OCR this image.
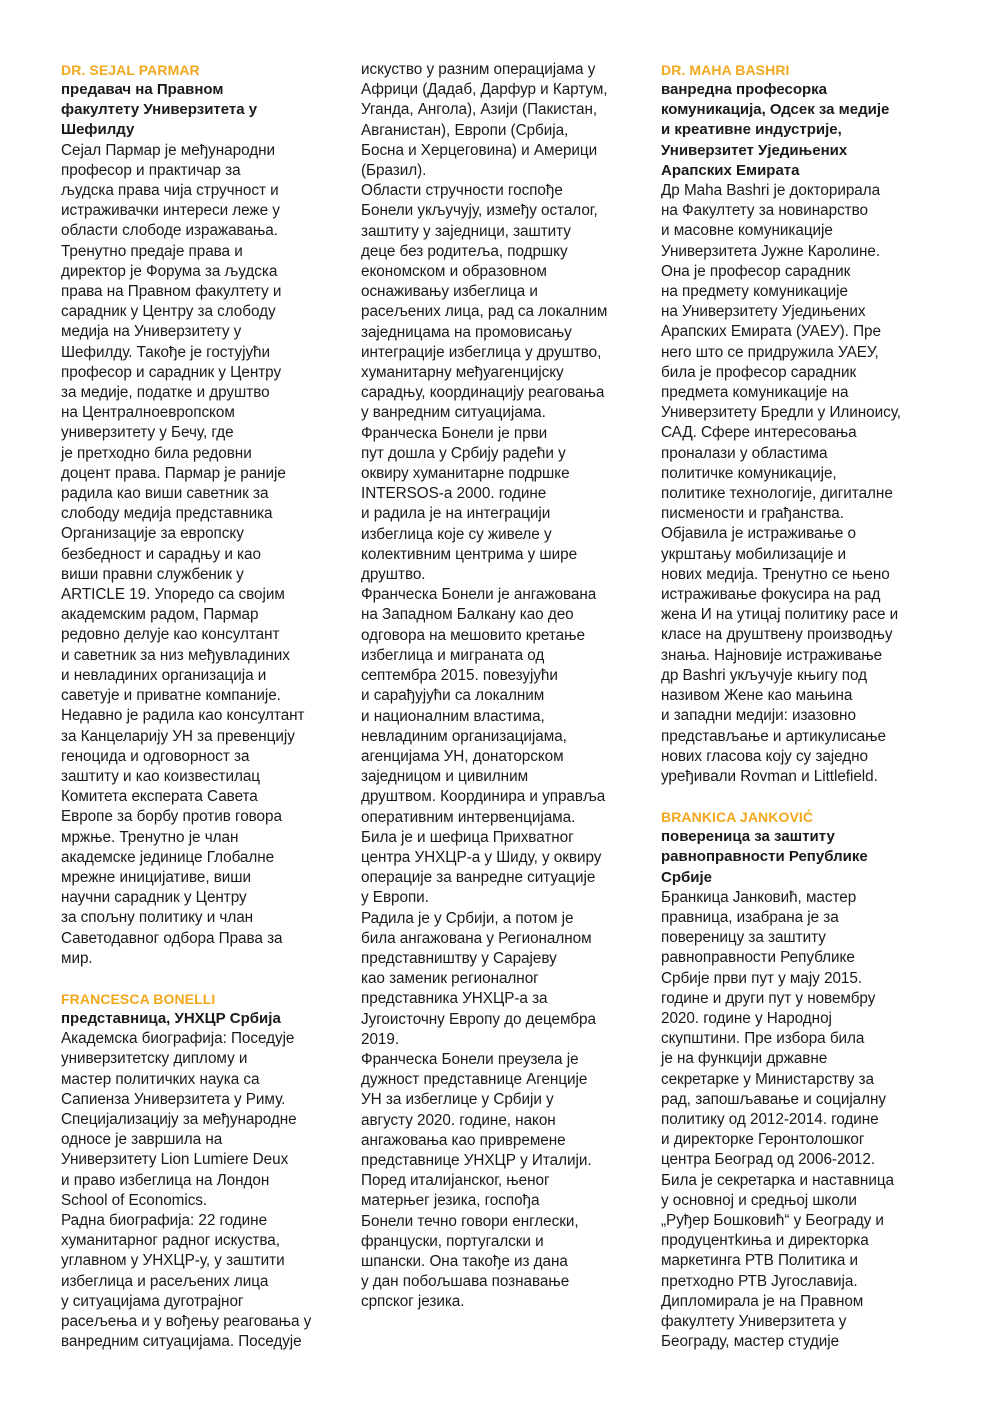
DR. SEJAL PARMAR
предавач на Правном
факултету Универзитета у
Шефилду

Сејал Пармар је међународни
професор и практичар за
људска права чија стручност и
истраживачки интереси леже у
области слободе изражавања.
Тренутно предаје права и
директор је Форума за људска
права на Правном факултету и
сарадник у Центру за слободу
медија на Универзитету у
Шефилду. Такође је гостујући
професор и сарадник у Центру
за медије, податке и друштво
на Централноевропском
универзитету у Бечу, где
је претходно била редовни
доцент права. Пармар је раније
радила као виши саветник за
слободу медија представника
Организације за европску
безбедност и сарадњу и као
виши правни службеник у
ARTICLE 19. Упоредо са својим
академским радом, Пармар
редовно делује као консултант
и саветник за низ међувладиних
и невладиних организација и
саветује и приватне компаније.
Недавно је радила као консултант
за Канцеларију УН за превенцију
геноцида и одговорност за
заштиту и као коизвестилац
Комитета експерата Савета
Европе за борбу против говора
мржње. Тренутно је члан
академске јединице Глобалне
мрежне иницијативе, виши
научни сарадник у Центру
за спољну политику и члан
Саветодавног одбора Права за
мир.

FRANCESCA BONELLI
представница, УНХЦР Србија

Академска биографија: Поседује
универзитетску диплому и
мастер политичких наука са
Сапиенза Универзитета у Риму.
Специјализацију за међународне
односе је завршила на
Универзитету Lion Lumiere Deux
и право избеглица на Лондон
School of Economics.
Радна биографија: 22 године
хуманитарног радног искуства,
углавном у УНХЦР-у, у заштити
избеглица и расељених лица
у ситуацијама дуготрајног
расељења и у вођењу реаговања у
ванредним ситуацијама. Поседује

искуство у разним операцијама у
Африци (Дадаб, Дарфур и Картум,
Уганда, Ангола), Азији (Пакистан,
Авганистан), Европи (Србија,
Босна и Херцеговина) и Америци
(Бразил).
Области стручности госпође
Бонели укључују, између осталог,
заштиту у заједници, заштиту
деце без родитеља, подршку
економском и образовном
оснаживању избеглица и
расељених лица, рад са локалним
заједницама на промовисању
интеграције избеглица у друштво,
хуманитарну међуагенцијску
сарадњу, координацију реаговања
у ванредним ситуацијама.
Франческа Бонели је први
пут дошла у Србију радећи у
оквиру хуманитарне подршке
INTERSOS-а 2000. године
и радила је на интеграцији
избеглица које су живеле у
колективним центрима у шире
друштво.
Франческа Бонели је ангажована
на Западном Балкану као део
одговора на мешовито кретање
избеглица и миграната од
септембра 2015. повезујући
и сарађујући са локалним
и националним властима,
невладиним организацијама,
агенцијама УН, донаторском
заједницом и цивилним
друштвом. Координира и управља
оперативним интервенцијама.
Била је и шефица Прихватног
центра УНХЦР-а у Шиду, у оквиру
операције за ванредне ситуације
у Европи.
Радила је у Србији, а потом је
била ангажована у Регионалном
представништву у Сарајеву
као заменик регионалног
представника УНХЦР-а за
Југоисточну Европу до децембра
2019.
Франческа Бонели преузела је
дужност представнице Агенције
УН за избеглице у Србији у
августу 2020. године, након
ангажовања као привремене
представнице УНХЦР у Италији.
Поред италијанског, њеног
матерњег језика, госпођа
Бонели течно говори енглески,
француски, португалски и
шпански. Она такође из дана
у дан побољшава познавање
српског језика.

DR. MAHA BASHRI
ванредна професорка
комуникација, Одсек за медије
и креативне индустрије,
Универзитет Уједињених
Арапских Емирата

Др Maha Bashri је докторирала
на Факултету за новинарство
и масовне комуникације
Универзитета Јужне Каролине.
Она је професор сарадник
на предмету комуникације
на Универзитету Уједињених
Арапских Емирата (УАЕУ). Пре
него што се придружила УАЕУ,
била је професор сарадник
предмета комуникације на
Универзитету Бредли у Илиноису,
САД. Сфере интересовања
проналази у областима
политичке комуникације,
политике технологије, дигиталне
писмености и грађанства.
Објавила је истраживање о
укрштању мобилизације и
нових медија. Тренутно се њено
истраживање фокусира на рад
жена И на утицај политику расе и
класе на друштвену производњу
знања. Најновије истраживање
др Bashri укључује књигу под
називом Жене као мањина
и западни медији: изазовно
представљање и артикулисање
нових гласова коју су заједно
уређивали Rovman и Littlefield.

BRANKICA JANKOVIĆ
повереница за заштиту
равноправности Републике
Србије

Бранкица Јанковић, мастер
правница, изабрана је за
повереницу за заштиту
равноправности Републике
Србије први пут у мају 2015.
године и други пут у новембру
2020. године у Народној
скупштини. Пре избора била
је на функцији државне
секретарке у Министарству за
рад, запошљавање и социјалну
политику од 2012-2014. године
и директорке Геронтолошког
центра Београд од 2006-2012.
Била је секретарка и наставница
у основној и средњој школи
„Руђер Бошковић“ у Београду и
продуцентkиња и директорка
маркетинга РТВ Политика и
претходно РТВ Југославија.
Дипломирала је на Правном
факултету Универзитета у
Београду, мастер студије
